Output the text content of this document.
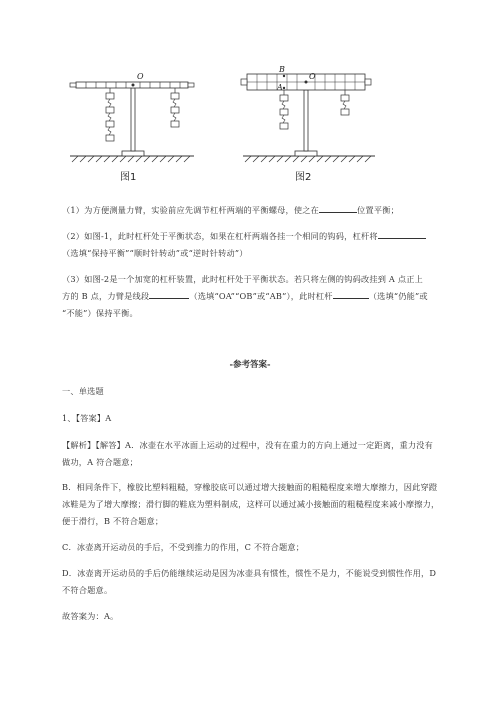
O
图1
B
O
A
图2
（1）为方便测量力臂，实验前应先调节杠杆两端的平衡螺母，使之在	位置平衡；
（2）如图-1，此时杠杆处于平衡状态，如果在杠杆两端各挂一个相同的钩码，杠杆将
（选填“保持平衡”“顺时针转动”或“逆时针转动”）
（3）如图-2是一个加宽的杠杆装置，此时杠杆处于平衡状态。若只将左侧的钩码改挂到 A 点正上
方的 B 点，力臂是线段	（选填“OA”“OB”或“AB”），此时杠杆	（选填“仍能”或
“不能”）保持平衡。
-参考答案-
一、单选题
1、【答案】A
【解析】【解答】A．冰壶在水平冰面上运动的过程中，没有在重力的方向上通过一定距离，重力没有
做功，A 符合题意；
B．相同条件下，橡胶比塑料粗糙，穿橡胶底可以通过增大接触面的粗糙程度来增大摩擦力，因此穿蹬
冰鞋是为了增大摩擦；滑行脚的鞋底为塑料制成，这样可以通过减小接触面的粗糙程度来减小摩擦力，
便于滑行，B 不符合题意；
C．冰壶离开运动员的手后，不受到推力的作用，C 不符合题意；
D．冰壶离开运动员的手后仍能继续运动是因为冰壶具有惯性，惯性不是力，不能说受到惯性作用，D
不符合题意。
故答案为：A。
